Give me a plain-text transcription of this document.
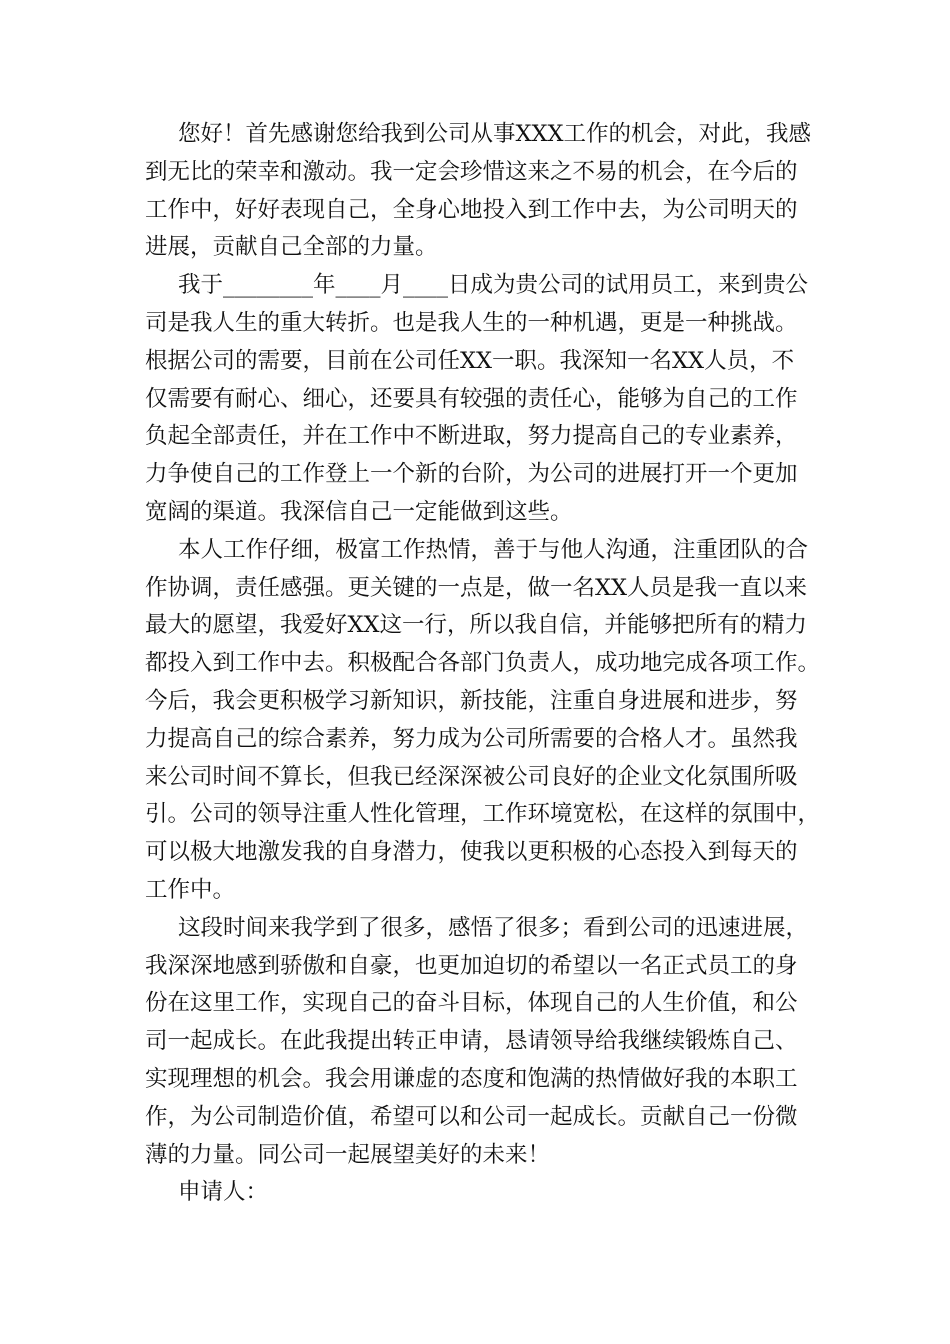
您好！首先感谢您给我到公司从事XXX工作的机会，对此，我感
到无比的荣幸和激动。我一定会珍惜这来之不易的机会，在今后的
工作中，好好表现自己，全身心地投入到工作中去，为公司明天的
进展，贡献自己全部的力量。
我于________年____月____日成为贵公司的试用员工，来到贵公
司是我人生的重大转折。也是我人生的一种机遇，更是一种挑战。
根据公司的需要，目前在公司任XX一职。我深知一名XX人员，不
仅需要有耐心、细心，还要具有较强的责任心，能够为自己的工作
负起全部责任，并在工作中不断进取，努力提高自己的专业素养，
力争使自己的工作登上一个新的台阶，为公司的进展打开一个更加
宽阔的渠道。我深信自己一定能做到这些。
本人工作仔细，极富工作热情，善于与他人沟通，注重团队的合
作协调，责任感强。更关键的一点是，做一名XX人员是我一直以来
最大的愿望，我爱好XX这一行，所以我自信，并能够把所有的精力
都投入到工作中去。积极配合各部门负责人，成功地完成各项工作。
今后，我会更积极学习新知识，新技能，注重自身进展和进步，努
力提高自己的综合素养，努力成为公司所需要的合格人才。虽然我
来公司时间不算长，但我已经深深被公司良好的企业文化氛围所吸
引。公司的领导注重人性化管理，工作环境宽松，在这样的氛围中，
可以极大地激发我的自身潜力，使我以更积极的心态投入到每天的
工作中。
这段时间来我学到了很多，感悟了很多；看到公司的迅速进展，
我深深地感到骄傲和自豪，也更加迫切的希望以一名正式员工的身
份在这里工作，实现自己的奋斗目标，体现自己的人生价值，和公
司一起成长。在此我提出转正申请，恳请领导给我继续锻炼自己、
实现理想的机会。我会用谦虚的态度和饱满的热情做好我的本职工
作，为公司制造价值，希望可以和公司一起成长。贡献自己一份微
薄的力量。同公司一起展望美好的未来！
申请人：
